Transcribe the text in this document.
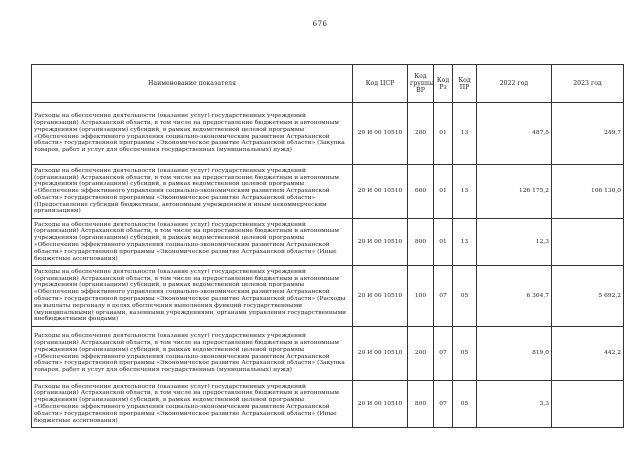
676
Наименование показателя	Код ЦСР	Код группы ВР	Код Рз	Код ПР	2022 год	2023 год
Расходы на обеспечение деятельности (оказание услуг) государственных учреждений (организаций) Астраханской области, в том числе на предоставление бюджетным и автономным учреждениям (организациям) субсидий, в рамках ведомственной целевой программы «Обеспечение эффективного управления социально-экономическим развитием Астраханской области» государственной программы «Экономическое развитие Астраханской области» (Закупка товаров, работ и услуг для обеспечения государственных (муниципальных) нужд)	20 И 00 10510	200	01	13	487,5	249,7
Расходы на обеспечение деятельности (оказание услуг) государственных учреждений (организаций) Астраханской области, в том числе на предоставление бюджетным и автономным учреждениям (организациям) субсидий, в рамках ведомственной целевой программы «Обеспечение эффективного управления социально-экономическим развитием Астраханской области» государственной программы «Экономическое развитие Астраханской области» (Предоставление субсидий бюджетным, автономным учреждениям и иным некоммерческим организациям)	20 И 00 10510	600	01	13	126 175,2	106 130,0
Расходы на обеспечение деятельности (оказание услуг) государственных учреждений (организаций) Астраханской области, в том числе на предоставление бюджетным и автономным учреждениям (организациям) субсидий, в рамках ведомственной целевой программы «Обеспечение эффективного управления социально-экономическим развитием Астраханской области» государственной программы «Экономическое развитие Астраханской области» (Иные бюджетные ассигнования)	20 И 00 10510	800	01	13	12,3	
Расходы на обеспечение деятельности (оказание услуг) государственных учреждений (организаций) Астраханской области, в том числе на предоставление бюджетным и автономным учреждениям (организациям) субсидий, в рамках ведомственной целевой программы «Обеспечение эффективного управления социально-экономическим развитием Астраханской области» государственной программы «Экономическое развитие Астраханской области» (Расходы на выплаты персоналу в целях обеспечения выполнения функций государственными (муниципальными) органами, казенными учреждениями, органами управления государственными внебюджетными фондами)	20 И 00 10510	100	07	05	6 364,7	5 692,2
Расходы на обеспечение деятельности (оказание услуг) государственных учреждений (организаций) Астраханской области, в том числе на предоставление бюджетным и автономным учреждениям (организациям) субсидий, в рамках ведомственной целевой программы «Обеспечение эффективного управления социально-экономическим развитием Астраханской области» государственной программы «Экономическое развитие Астраханской области» (Закупка товаров, работ и услуг для обеспечения государственных (муниципальных) нужд)	20 И 00 10510	200	07	05	819,0	442,2
Расходы на обеспечение деятельности (оказание услуг) государственных учреждений (организаций) Астраханской области, в том числе на предоставление бюджетным и автономным учреждениям (организациям) субсидий, в рамках ведомственной целевой программы «Обеспечение эффективного управления социально-экономическим развитием Астраханской области» государственной программы «Экономическое развитие Астраханской области» (Иные бюджетные ассигнования)	20 И 00 10510	800	07	05	3,3	
